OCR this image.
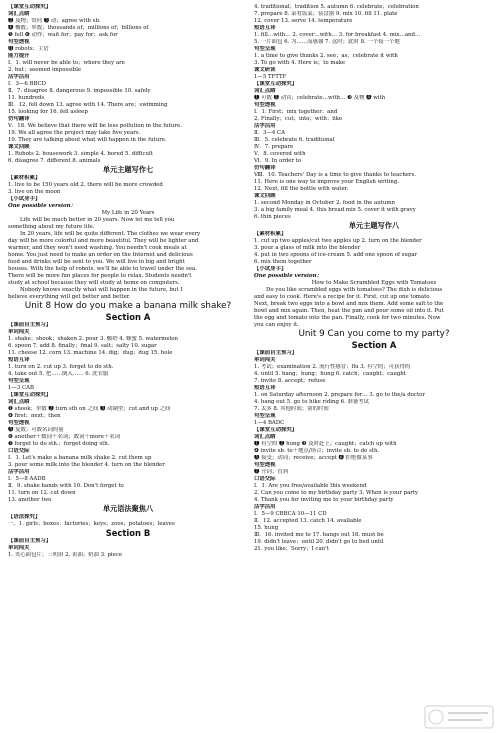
【课堂互动探究】
词汇点睛
❷ 及物；赞同 ❸ 动；agree with sb.
❹ 概数；单数；thousands of；millions of；billions of
❺ fell ❻ 动作；wait for；pay for；ask for
句型透视
⓫ robots；主语
能力提升
Ⅰ．1. will never be able to；where they are
2. but；seemed impossible
活学活用
Ⅰ．3—6 BBCD
Ⅱ．7. disagree 8. dangerous 9. impossible 10. safely
11. hundreds
Ⅲ．12. fell down 13. agree with 14. There are；swimming
15. looking for 16. fell asleep
仿句翻译
Ⅴ．18. We believe that there will be less pollution in the future.
19. We all agree the project may take five years.
19. They are talking about what will happen in the future.
课文回顾
1. Robots 2. housework 3. simple 4. bored 5. difficult
6. disagree 7. different 8. animals
单元主题写作七
【素材积累】
1. live to be 150 years old 2. there will be more crowded
3. live on the moon
【小试身手】
One possible version：
My Life in 20 Years
Life will be much better in 20 years. Now let me tell you
something about my future life.
In 20 years, life will be quite different. The clothes we wear every
day will be more colorful and more beautiful. They will be lighter and
warmer, and they won't need washing. You needn't cook meals at
home. You just need to make an order on the Internet and delicious
food and drinks will be sent to you. We will live in big and bright
houses. With the help of robots, we'll be able to travel under the sea.
There will be more fun places for people to relax. Students needn't
study at school because they will study at home on computers.
Nobody knows exactly what will happen in the future, but I
believe everything will get better and better.
Unit 8 How do you make a banana milk shake?
Section A
【课前自主预习】
单词闯关
1. shake；shook；shaken 2. pour 3. 酸奶 4. 蜂蜜 5. watermelon
6. spoon 7. add 8. finally；final 9. salt；salty 10. sugar
11. cheese 12. corn 13. machine 14. dig；dug；dug 15. hole
短语互译
1. turn on 2. cut up 3. forget to do sth.
4. take out 5. 把……倒入…… 6. 洗衣服
句型呈现
1—3 CAB
【课堂互动探究】
词汇点睛
❶ shook；单数 ❷ turn sth on 之间 ❸ 动副型；cut and up 之间
❹ first；next；then
句型透视
❺ 复数；可数名词的量
❻ another＋数词＋名词；数词＋more＋名词
❼ forget to do sth.；forget doing sth.
口语交际
Ⅰ．1. Let's make a banana milk shake 2. cut them up
3. pour some milk into the blender 4. turn on the blender
活学活用
Ⅰ．5—8 AADB
Ⅱ．9. shake hands with 10. Don't forget to
11. turn on 12. cut down
13. another two
单元语法聚焦八
【语法探究】
一、1. girls；boxes；factories；keys；zoos；potatoes；leaves
Section B
【课前自主预习】
单词闯关
1. 夹心面包片；三明治 2. 黄油；奶油 3. piece
4. traditional；tradition 5. autumn 6. celebrate；celebration
7. prepare 8. 菜肴饭菜；装盘器 9. mix 10. fill 11. plate
12. cover 13. serve 14. temperature
短语互译
1. fill…with… 2. cover…with… 3. for breakfast 4. mix…and…
5. 一片面包 6. 为……而感谢 7. 这时；此时 8. 一个接一个地
句型呈现
1. a time to give thanks 2. see；as；celebrate it with
3. To go with 4. Here is；to make
课文研读
1—5 TFTTF
【课堂互动探究】
词汇点睛
❶ 可数 ❷ 动宾；celebrate…with… ❸ 及物 ❹ with
句型透视
Ⅰ．1. First；mix together；and
2. Finally；cut；into；with；like
活学活用
Ⅱ．3—4 CA
Ⅲ．5. celebrate 6. traditional
Ⅳ．7. prepare
Ⅴ．8. covered with
Ⅵ．9. In order to
仿句翻译
Ⅷ．10. Teachers' Day is a time to give thanks to teachers.
11. Here is one way to improve your English writing.
12. Next, fill the bottle with water.
课文回顾
1. second Monday in October 2. food in the autumn
3. a big family meal 4. this bread mix 5. cover it with gravy
6. thin pieces
单元主题写作八
【素材积累】
1. cut up two apples/cut two apples up 2. turn on the blender
3. pour a glass of milk into the blender
4. put in two spoons of ice-cream 5. add one spoon of sugar
6. mix them together
【小试身手】
One possible version：
How to Make Scrambled Eggs with Tomatoes
Do you like scrambled eggs with tomatoes? The dish is delicious
and easy to cook. Here's a recipe for it. First, cut up one tomato.
Next, break two eggs into a bowl and mix them. Add some salt to the
bowl and mix again. Then, heat the pan and pour some oil into it. Put
the egg and tomato into the pan. Finally, cook for two minutes. Now
you can enjoy it.
Unit 9 Can you come to my party?
Section A
【课前自主预习】
单词闯关
1. 考试；examination 2. 流行性感冒；flu 3. 有空的；可获得的
4. until 5. hang；hung；hung 6. catch；caught；caught
7. invite 8. accept；refuse
短语互译
1. on Saturday afternoon 2. prepare for… 3. go to the/a doctor
4. hang out 5. go to hike riding 6. 准备考试
7. 太多 8. 其他时间；别的时间
句型呈现
1—4 BADC
【课堂互动探究】
词汇点睛
❶ 有空的 ❷ hung ❸ 及时赶上；caught；catch up with
❹ invite sb. to＋地点/场合；invite sb. to do sth.
❺ 接受；动词；receive；accept ❻ 拒绝做某事
句型透视
❼ 介词；直到
口语交际
Ⅰ．1. Are you free/available this weekend
2. Can you come to my birthday party 3. When is your party
4. Thank you for inviting me to your birthday party
活学活用
Ⅰ．5—9 CBBCA 10—11 CD
Ⅱ．12. accepted 13. catch 14. available
15. hung
Ⅲ．16. invited me to 17. hangs out 18. must be
19. didn't leave；until 20. didn't go to bed until
21. you like；Sorry；I can't
